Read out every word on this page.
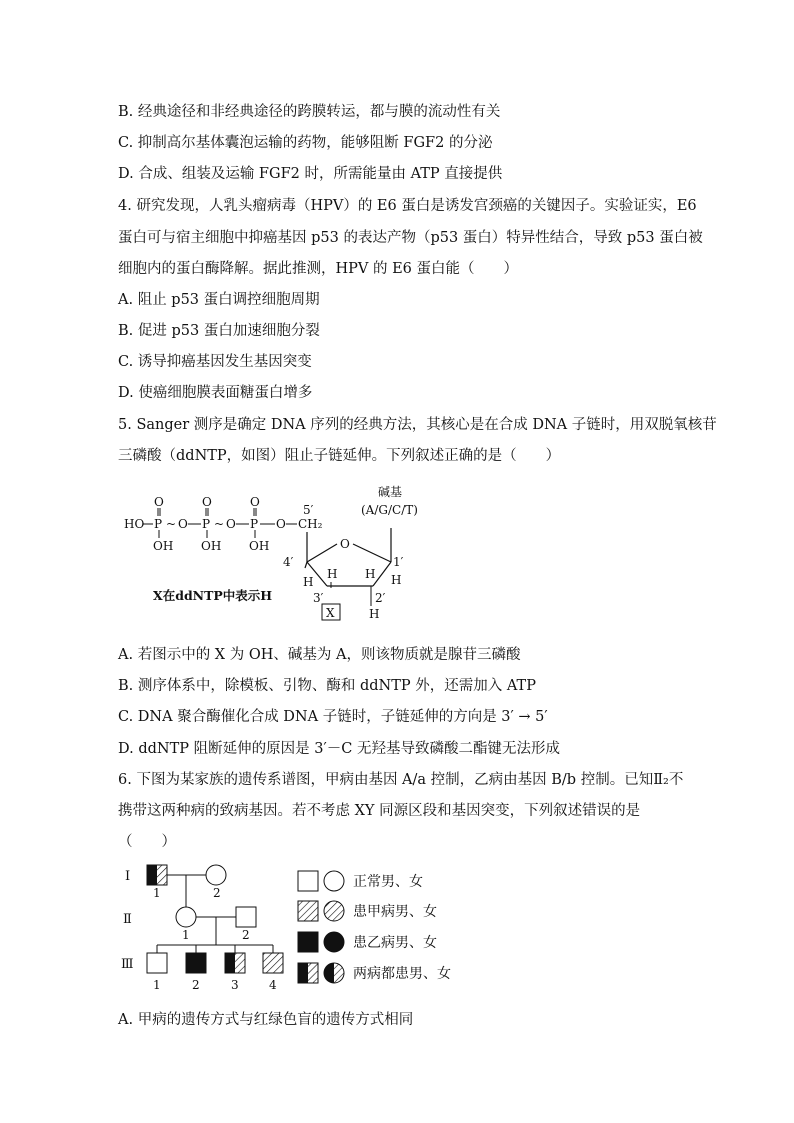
B. 经典途径和非经典途径的跨膜转运，都与膜的流动性有关
C. 抑制高尔基体囊泡运输的药物，能够阻断 FGF2 的分泌
D. 合成、组装及运输 FGF2 时，所需能量由 ATP 直接提供
4. 研究发现，人乳头瘤病毒（HPV）的 E6 蛋白是诱发宫颈癌的关键因子。实验证实，E6
蛋白可与宿主细胞中抑癌基因 p53 的表达产物（p53 蛋白）特异性结合，导致 p53 蛋白被
细胞内的蛋白酶降解。据此推测，HPV 的 E6 蛋白能（　　）
A. 阻止 p53 蛋白调控细胞周期
B. 促进 p53 蛋白加速细胞分裂
C. 诱导抑癌基因发生基因突变
D. 使癌细胞膜表面糖蛋白增多
5. Sanger 测序是确定 DNA 序列的经典方法，其核心是在合成 DNA 子链时，用双脱氧核苷
三磷酸（ddNTP，如图）阻止子链延伸。下列叙述正确的是（　　）
A. 若图示中的 X 为 OH、碱基为 A，则该物质就是腺苷三磷酸
B. 测序体系中，除模板、引物、酶和 ddNTP 外，还需加入 ATP
C. DNA 聚合酶催化合成 DNA 子链时，子链延伸的方向是 3′ → 5′
D. ddNTP 阻断延伸的原因是 3′－C 无羟基导致磷酸二酯键无法形成
6. 下图为某家族的遗传系谱图，甲病由基因 A/a 控制，乙病由基因 B/b 控制。已知Ⅱ₂不
携带这两种病的致病基因。若不考虑 XY 同源区段和基因突变，下列叙述错误的是
（　　）
A. 甲病的遗传方式与红绿色盲的遗传方式相同
HO P
O
OH
~ O P
O
OH
~ O P
O
OH
O CH₂
5′
O
4′	1′
H
H H H
3′	2′
H
碱基
(A/G/C/T)
X在ddNTP中表示H
X
Ⅰ
Ⅱ
Ⅲ
1	2
1	2
1	2	3	4
正常男、女
患甲病男、女
患乙病男、女
两病都患男、女
